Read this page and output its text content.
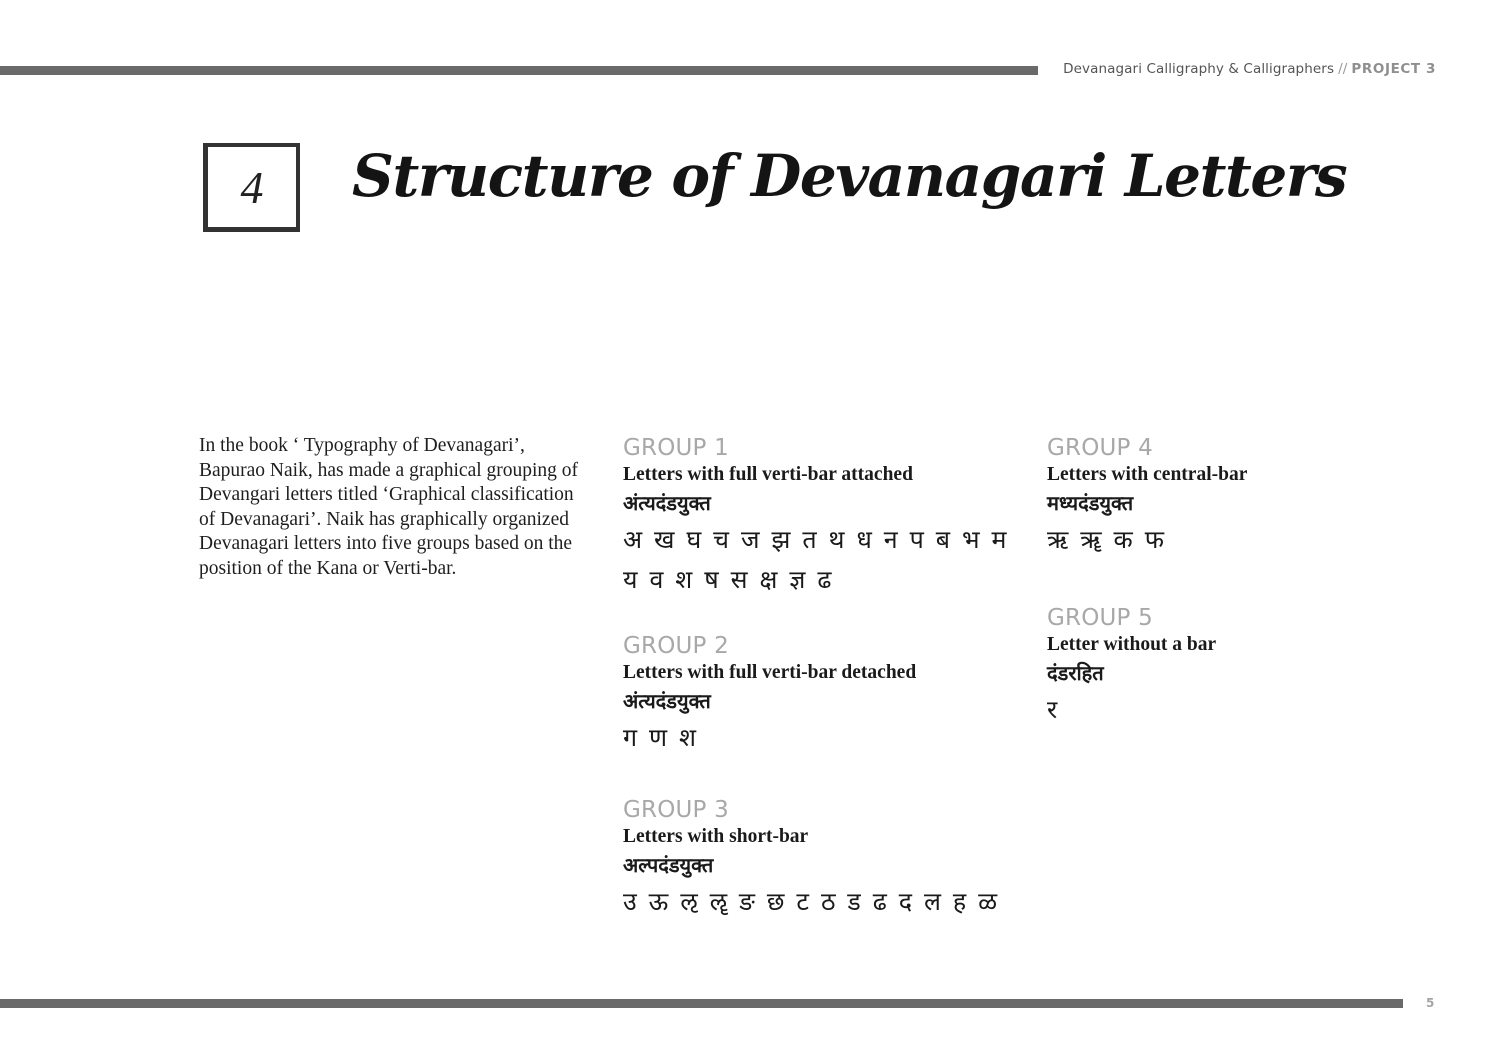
Devanagari Calligraphy & Calligraphers // PROJECT 3
4 Structure of Devanagari Letters

In the book ‘ Typography of Devanagari’, Bapurao Naik, has made a graphical grouping of Devangari letters titled ‘Graphical classification of Devanagari’. Naik has graphically organized Devanagari letters into five groups based on the position of the Kana or Verti-bar.

GROUP 1
Letters with full verti-bar attached
अंत्यदंडयुक्त
अ ख घ च ज झ त थ ध न प ब भ म य व श ष स क्ष ज्ञ ढ
GROUP 2
Letters with full verti-bar detached
अंत्यदंडयुक्त
ग ण श
GROUP 3
Letters with short-bar
अल्पदंडयुक्त
उ ऊ ऌ ॡ ङ छ ट ठ ड ढ द ल ह ळ
GROUP 4
Letters with central-bar
मध्यदंडयुक्त
ऋ ॠ क फ
GROUP 5
Letter without a bar
दंडरहित
र
5
